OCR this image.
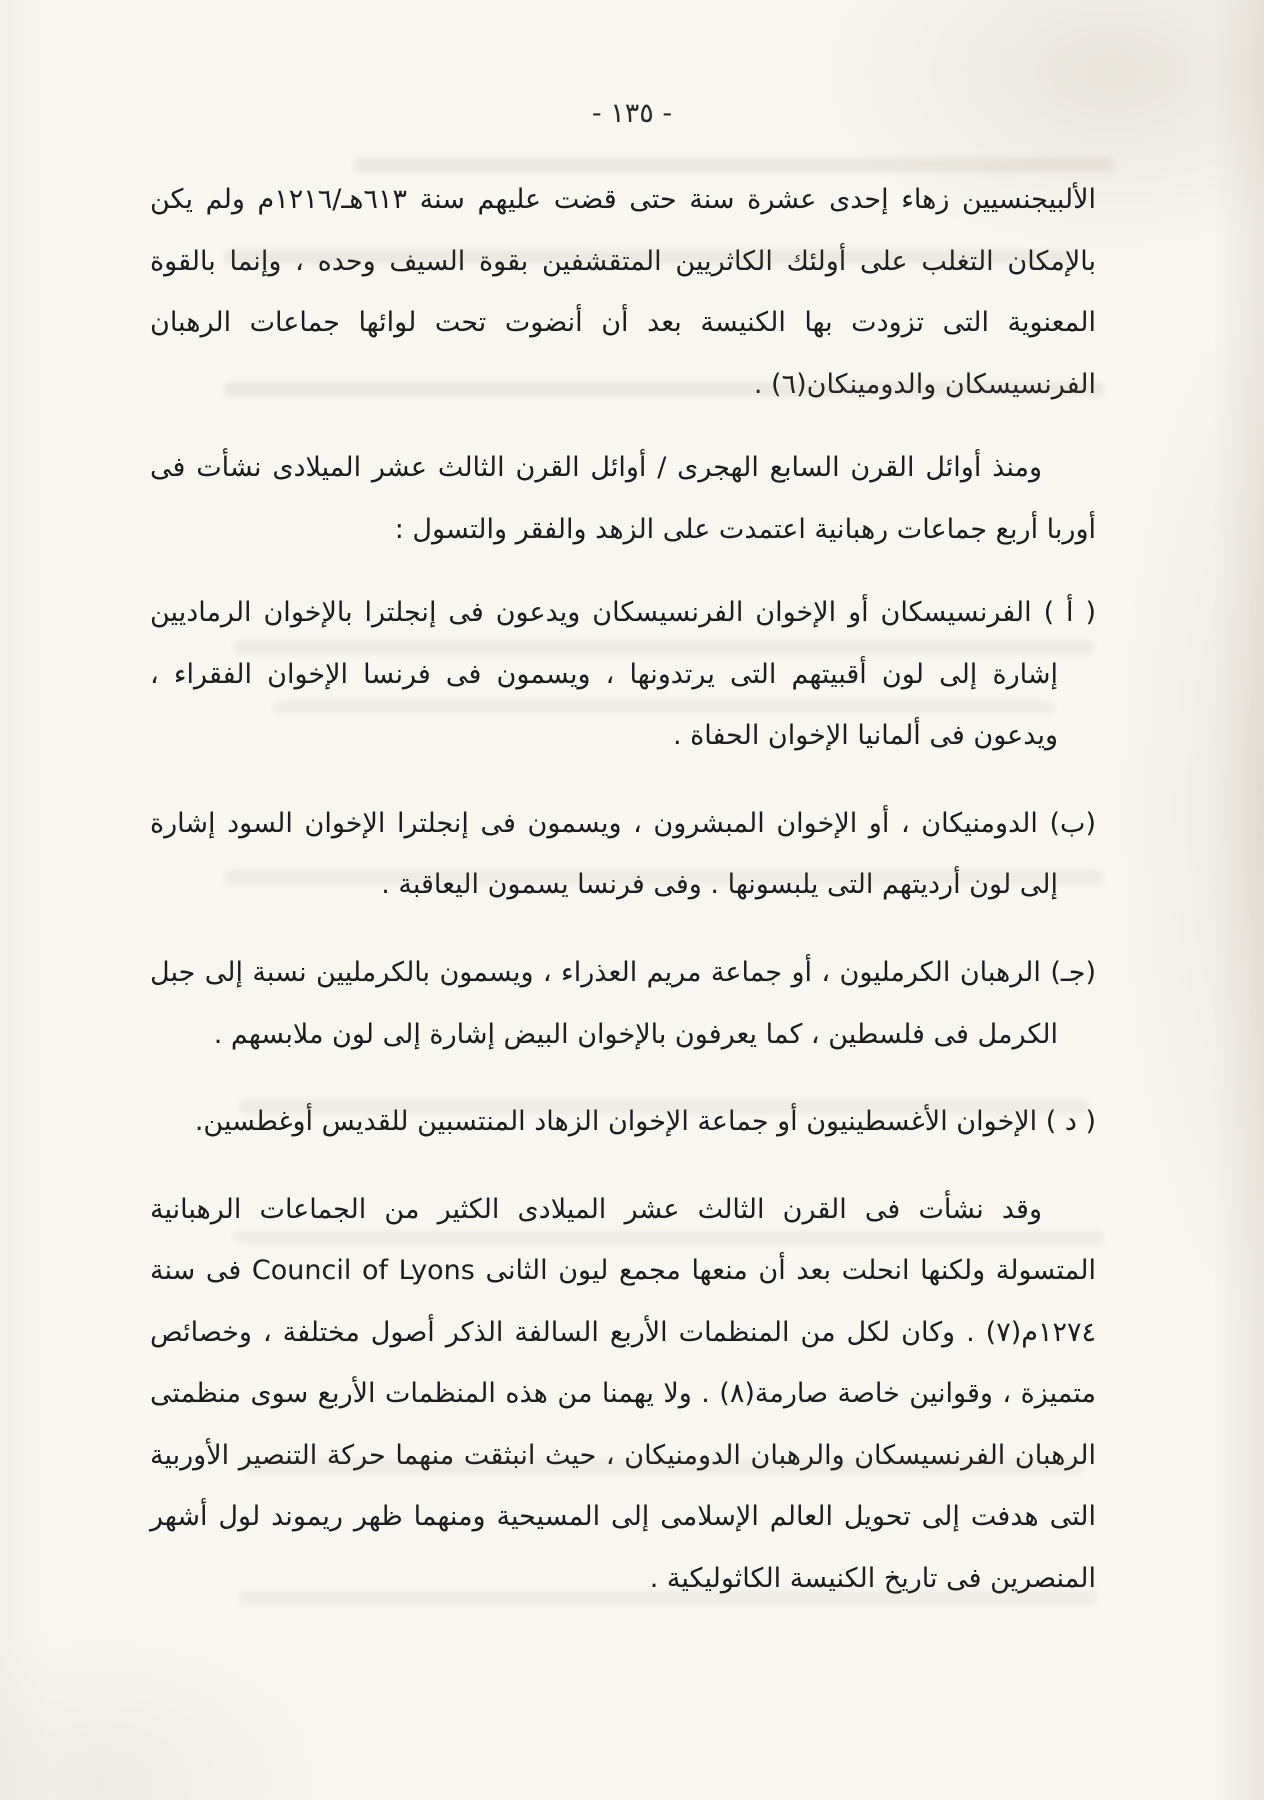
- ١٣٥ -

الألبيجنسيين زهاء إحدى عشرة سنة حتى قضت عليهم سنة ٦١٣هـ/١٢١٦م ولم يكن بالإمكان التغلب على أولئك الكاثريين المتقشفين بقوة السيف وحده ، وإنما بالقوة المعنوية التى تزودت بها الكنيسة بعد أن أنضوت تحت لوائها جماعات الرهبان الفرنسيسكان والدومينكان(٦) .

ومنذ أوائل القرن السابع الهجرى / أوائل القرن الثالث عشر الميلادى نشأت فى أوربا أربع جماعات رهبانية اعتمدت على الزهد والفقر والتسول :

( أ ) الفرنسيسكان أو الإخوان الفرنسيسكان ويدعون فى إنجلترا بالإخوان الرماديين إشارة إلى لون أقبيتهم التى يرتدونها ، ويسمون فى فرنسا الإخوان الفقراء ، ويدعون فى ألمانيا الإخوان الحفاة .

(ب) الدومنيكان ، أو الإخوان المبشرون ، ويسمون فى إنجلترا الإخوان السود إشارة إلى لون أرديتهم التى يلبسونها . وفى فرنسا يسمون اليعاقبة .

(جـ) الرهبان الكرمليون ، أو جماعة مريم العذراء ، ويسمون بالكرمليين نسبة إلى جبل الكرمل فى فلسطين ، كما يعرفون بالإخوان البيض إشارة إلى لون ملابسهم .

( د ) الإخوان الأغسطينيون أو جماعة الإخوان الزهاد المنتسبين للقديس أوغطسين.

وقد نشأت فى القرن الثالث عشر الميلادى الكثير من الجماعات الرهبانية المتسولة ولكنها انحلت بعد أن منعها مجمع ليون الثانى Council of Lyons فى سنة ١٢٧٤م(٧) . وكان لكل من المنظمات الأربع السالفة الذكر أصول مختلفة ، وخصائص متميزة ، وقوانين خاصة صارمة(٨) . ولا يهمنا من هذه المنظمات الأربع سوى منظمتى الرهبان الفرنسيسكان والرهبان الدومنيكان ، حيث انبثقت منهما حركة التنصير الأوربية التى هدفت إلى تحويل العالم الإسلامى إلى المسيحية ومنهما ظهر ريموند لول أشهر المنصرين فى تاريخ الكنيسة الكاثوليكية .
